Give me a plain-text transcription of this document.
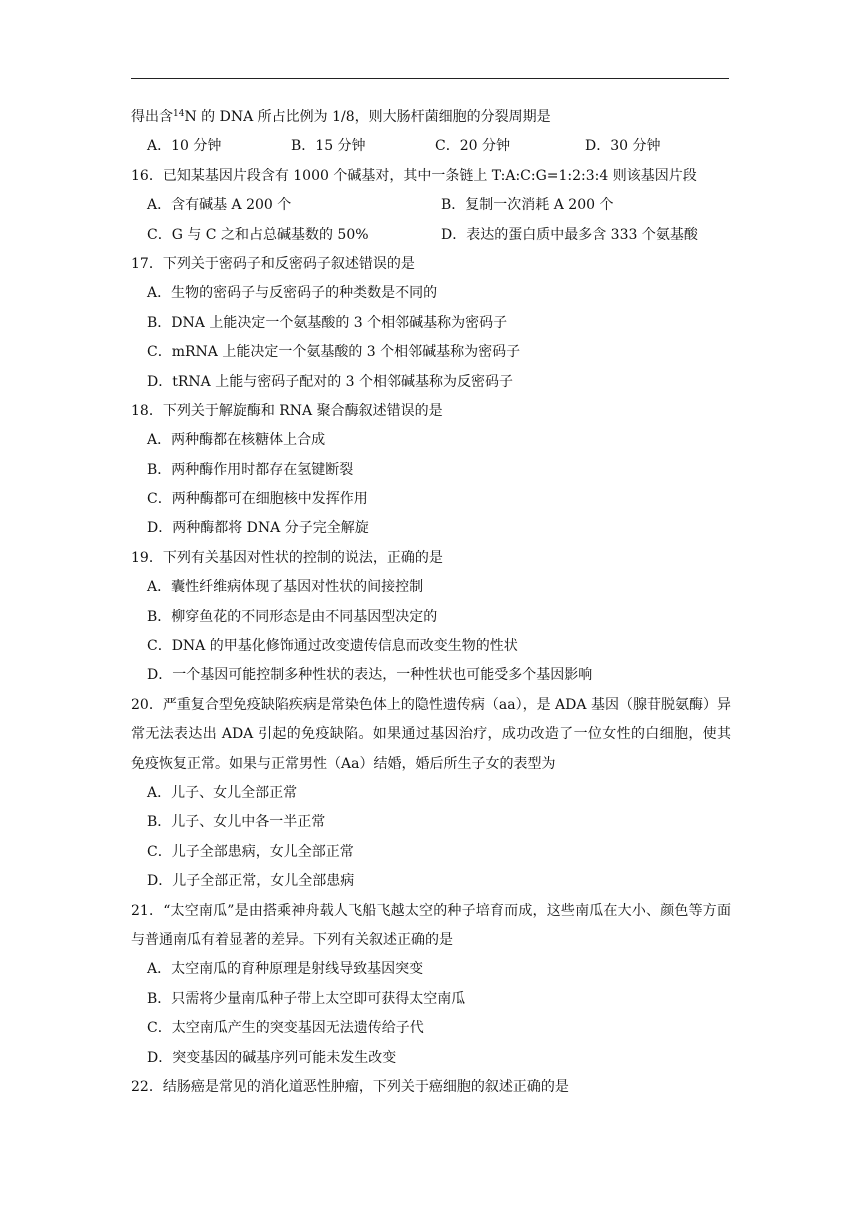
得出含$^{14}$N 的 DNA 所占比例为 1/8，则大肠杆菌细胞的分裂周期是
A．10 分钟	B．15 分钟	C．20 分钟	D．30 分钟
16．已知某基因片段含有 1000 个碱基对，其中一条链上 T:A:C:G=1:2:3:4 则该基因片段
A．含有碱基 A 200 个	B．复制一次消耗 A 200 个
C．G 与 C 之和占总碱基数的 50%	D．表达的蛋白质中最多含 333 个氨基酸
17．下列关于密码子和反密码子叙述错误的是
A．生物的密码子与反密码子的种类数是不同的
B．DNA 上能决定一个氨基酸的 3 个相邻碱基称为密码子
C．mRNA 上能决定一个氨基酸的 3 个相邻碱基称为密码子
D．tRNA 上能与密码子配对的 3 个相邻碱基称为反密码子
18．下列关于解旋酶和 RNA 聚合酶叙述错误的是
A．两种酶都在核糖体上合成
B．两种酶作用时都存在氢键断裂
C．两种酶都可在细胞核中发挥作用
D．两种酶都将 DNA 分子完全解旋
19．下列有关基因对性状的控制的说法，正确的是
A．囊性纤维病体现了基因对性状的间接控制
B．柳穿鱼花的不同形态是由不同基因型决定的
C．DNA 的甲基化修饰通过改变遗传信息而改变生物的性状
D．一个基因可能控制多种性状的表达，一种性状也可能受多个基因影响
20．严重复合型免疫缺陷疾病是常染色体上的隐性遗传病（aa），是 ADA 基因（腺苷脱氨酶）异常无法表达出 ADA 引起的免疫缺陷。如果通过基因治疗，成功改造了一位女性的白细胞，使其免疫恢复正常。如果与正常男性（Aa）结婚，婚后所生子女的表型为
A．儿子、女儿全部正常
B．儿子、女儿中各一半正常
C．儿子全部患病，女儿全部正常
D．儿子全部正常，女儿全部患病
21．“太空南瓜”是由搭乘神舟载人飞船飞越太空的种子培育而成，这些南瓜在大小、颜色等方面与普通南瓜有着显著的差异。下列有关叙述正确的是
A．太空南瓜的育种原理是射线导致基因突变
B．只需将少量南瓜种子带上太空即可获得太空南瓜
C．太空南瓜产生的突变基因无法遗传给子代
D．突变基因的碱基序列可能未发生改变
22．结肠癌是常见的消化道恶性肿瘤，下列关于癌细胞的叙述正确的是
